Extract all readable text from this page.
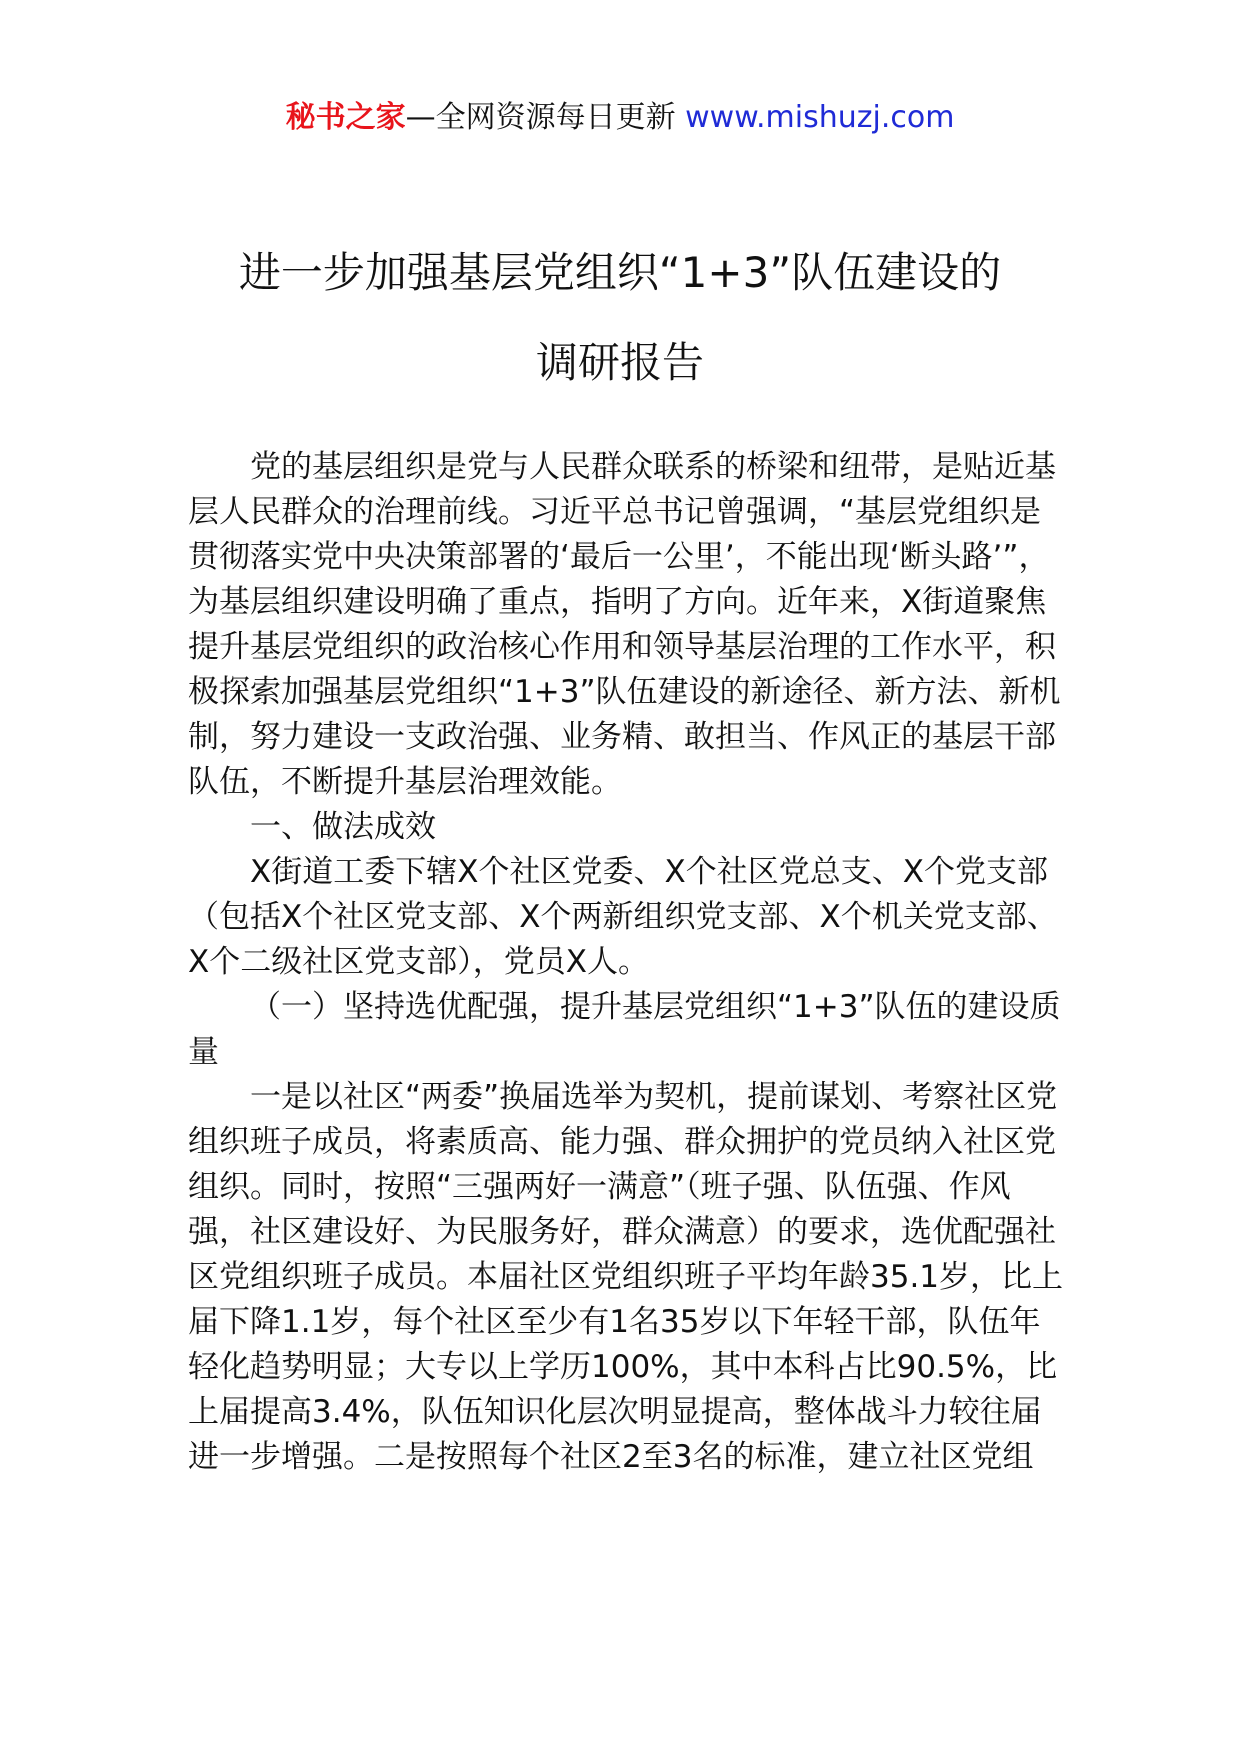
秘书之家—全网资源每日更新 www.mishuzj.com
进一步加强基层党组织“1+3”队伍建设的
调研报告

党的基层组织是党与人民群众联系的桥梁和纽带，是贴近基层人民群众的治理前线。习近平总书记曾强调，“基层党组织是贯彻落实党中央决策部署的‘最后一公里’，不能出现‘断头路’”，为基层组织建设明确了重点，指明了方向。近年来，X街道聚焦提升基层党组织的政治核心作用和领导基层治理的工作水平，积极探索加强基层党组织“1+3”队伍建设的新途径、新方法、新机制，努力建设一支政治强、业务精、敢担当、作风正的基层干部队伍，不断提升基层治理效能。

一、做法成效

X街道工委下辖X个社区党委、X个社区党总支、X个党支部（包括X个社区党支部、X个两新组织党支部、X个机关党支部、X个二级社区党支部），党员X人。

（一）坚持选优配强，提升基层党组织“1+3”队伍的建设质量

一是以社区“两委”换届选举为契机，提前谋划、考察社区党组织班子成员，将素质高、能力强、群众拥护的党员纳入社区党组织。同时，按照“三强两好一满意”（班子强、队伍强、作风强，社区建设好、为民服务好，群众满意）的要求，选优配强社区党组织班子成员。本届社区党组织班子平均年龄35.1岁，比上届下降1.1岁，每个社区至少有1名35岁以下年轻干部，队伍年轻化趋势明显；大专以上学历100%，其中本科占比90.5%，比上届提高3.4%，队伍知识化层次明显提高，整体战斗力较往届进一步增强。二是按照每个社区2至3名的标准，建立社区党组
